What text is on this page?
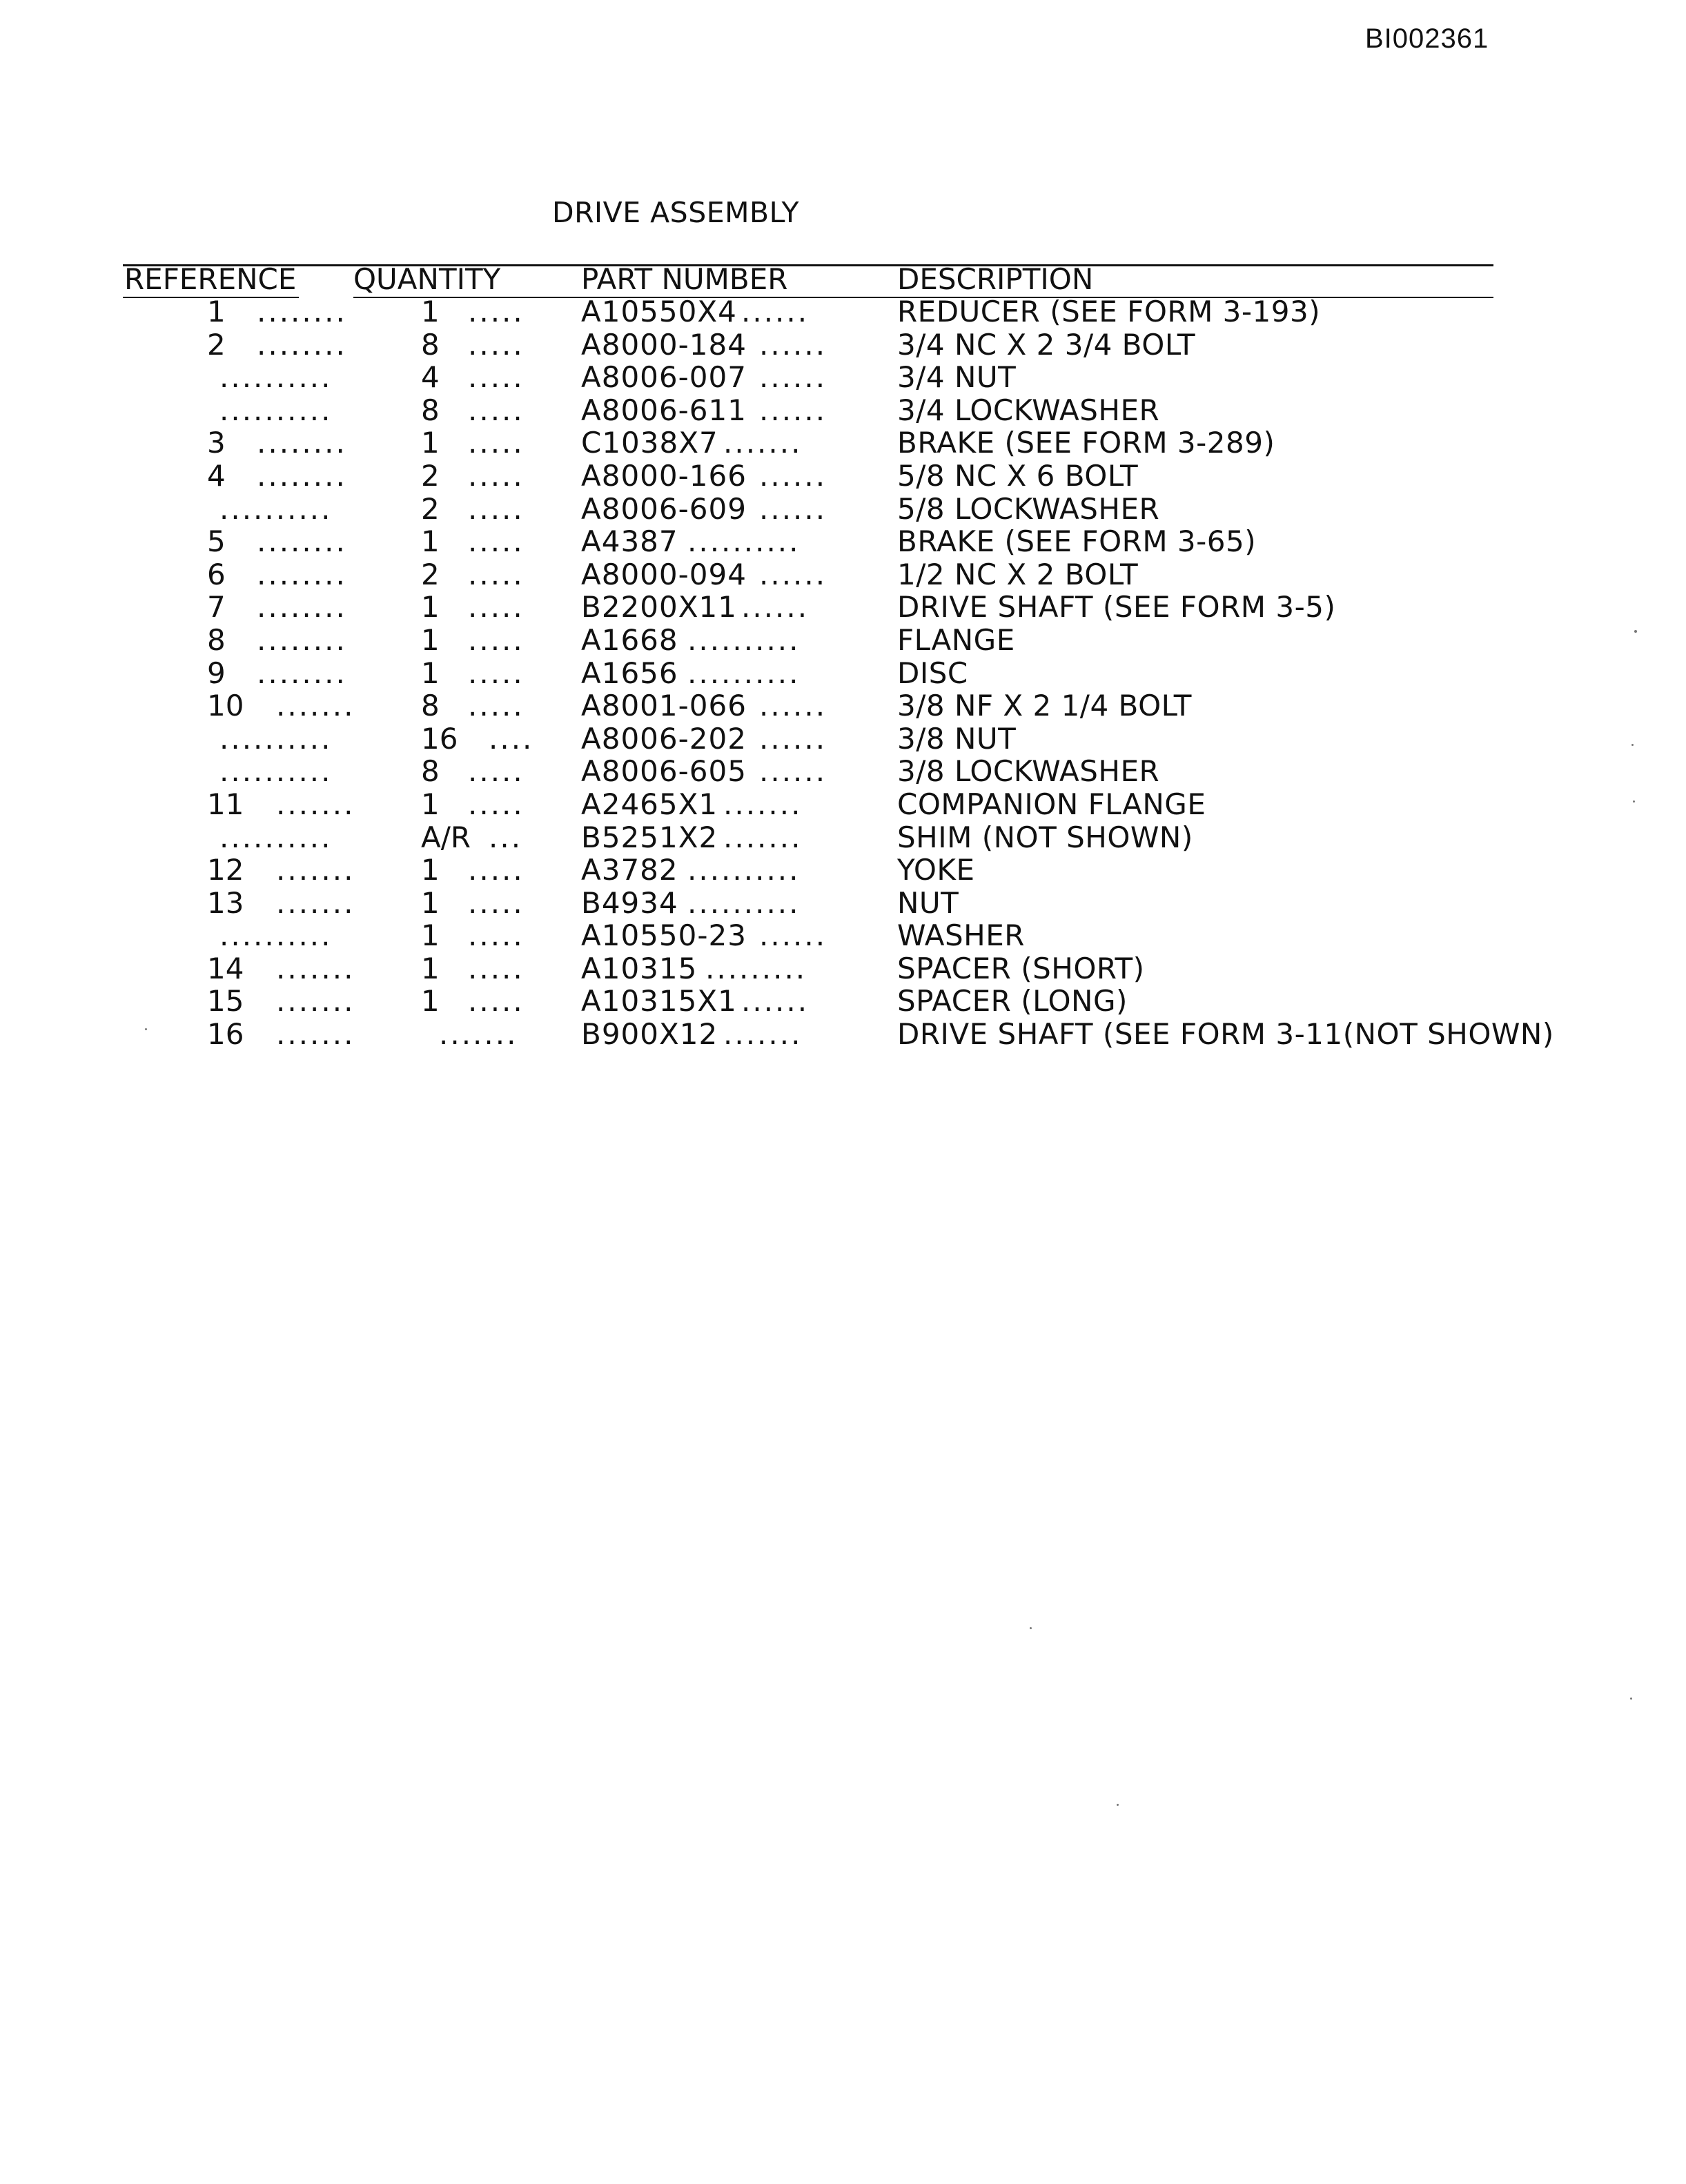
BI002361
DRIVE ASSEMBLY
REFERENCE QUANTITY	PART NUMBER	DESCRIPTION
1 ........	1 ..... A10550X4 ......	REDUCER (SEE FORM 3-193)
2 ........	8 ..... A8000-184 ...... 3/4 NC X 2 3/4 BOLT
..........	4 ..... A8006-007 ...... 3/4 NUT
..........	8 ..... A8006-611 ...... 3/4 LOCKWASHER
3 ........	1 ..... C1038X7 .......	BRAKE (SEE FORM 3-289)
4 ........	2 ..... A8000-166 ...... 5/8 NC X 6 BOLT
..........	2 ..... A8006-609 ...... 5/8 LOCKWASHER
5 ........	1 ..... A4387 ..........	BRAKE (SEE FORM 3-65)
6 ........	2 ..... A8000-094 ...... 1/2 NC X 2 BOLT
7 ........	1 ..... B2200X11 ......	DRIVE SHAFT (SEE FORM 3-5)
8 ........	1 ..... A1668 ..........	FLANGE
9 ........	1 ..... A1656 ..........	DISC
10 ....... 8 ..... A8001-066 ...... 3/8 NF X 2 1/4 BOLT
..........	16 .... A8006-202 ...... 3/8 NUT
..........	8 ..... A8006-605 ...... 3/8 LOCKWASHER
11 ....... 1 ..... A2465X1 .......	COMPANION FLANGE
..........	A/R ... B5251X2 .......	SHIM (NOT SHOWN)
12 ....... 1 ..... A3782 ..........	YOKE
13 ....... 1 ..... B4934 ..........	NUT
..........	1 ..... A10550-23 ...... WASHER
14 ....... 1 ..... A10315 .........	SPACER (SHORT)
15 ....... 1 ..... A10315X1 ......	SPACER (LONG)
16 .......	....... B900X12 .......	DRIVE SHAFT (SEE FORM 3-11(NOT SHOWN)
